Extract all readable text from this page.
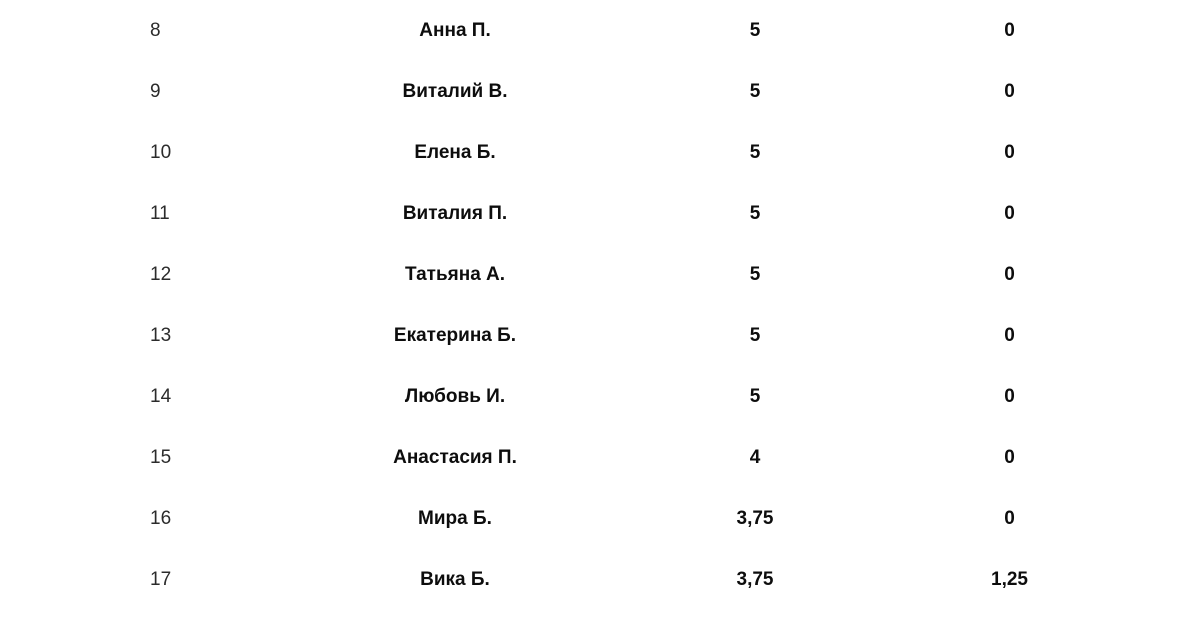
8	Анна П.	5	0
9	Виталий В.	5	0
10	Елена Б.	5	0
11	Виталия П.	5	0
12	Татьяна А.	5	0
13	Екатерина Б.	5	0
14	Любовь И.	5	0
15	Анастасия П.	4	0
16	Мира Б.	3,75	0
17	Вика Б.	3,75	1,25
